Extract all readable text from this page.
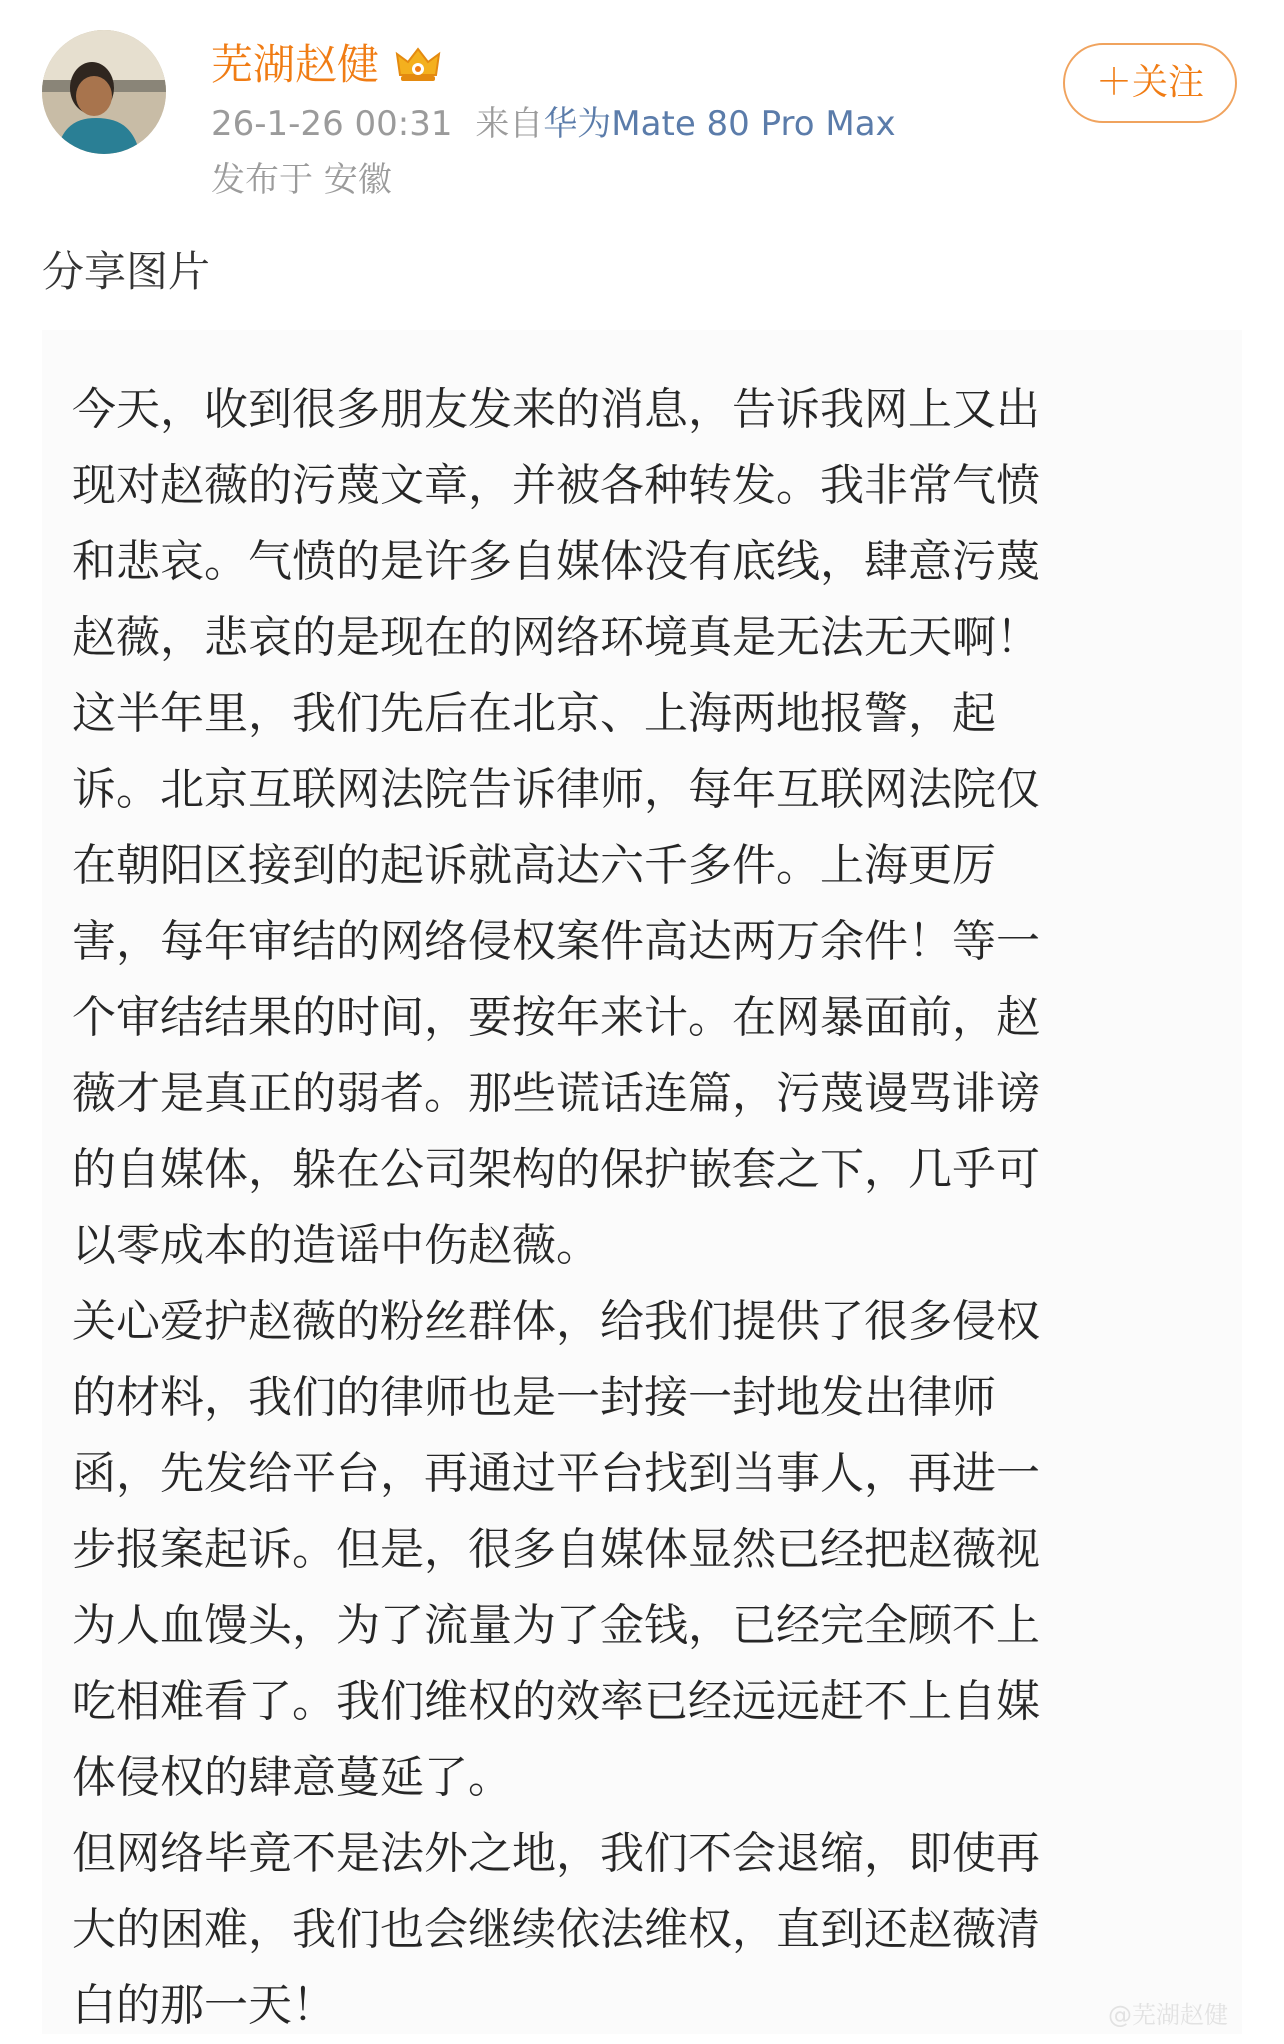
芜湖赵健
26-1-26 00:31 来自华为Mate 80 Pro Max
发布于 安徽
＋关注
分享图片
今天，收到很多朋友发来的消息，告诉我网上又出
现对赵薇的污蔑文章，并被各种转发。我非常气愤
和悲哀。气愤的是许多自媒体没有底线，肆意污蔑
赵薇，悲哀的是现在的网络环境真是无法无天啊！
这半年里，我们先后在北京、上海两地报警，起
诉。北京互联网法院告诉律师，每年互联网法院仅
在朝阳区接到的起诉就高达六千多件。上海更厉
害，每年审结的网络侵权案件高达两万余件！等一
个审结结果的时间，要按年来计。在网暴面前，赵
薇才是真正的弱者。那些谎话连篇，污蔑谩骂诽谤
的自媒体，躲在公司架构的保护嵌套之下，几乎可
以零成本的造谣中伤赵薇。
关心爱护赵薇的粉丝群体，给我们提供了很多侵权
的材料，我们的律师也是一封接一封地发出律师
函，先发给平台，再通过平台找到当事人，再进一
步报案起诉。但是，很多自媒体显然已经把赵薇视
为人血馒头，为了流量为了金钱，已经完全顾不上
吃相难看了。我们维权的效率已经远远赶不上自媒
体侵权的肆意蔓延了。
但网络毕竟不是法外之地，我们不会退缩，即使再
大的困难，我们也会继续依法维权，直到还赵薇清
白的那一天！	@芜湖赵健
